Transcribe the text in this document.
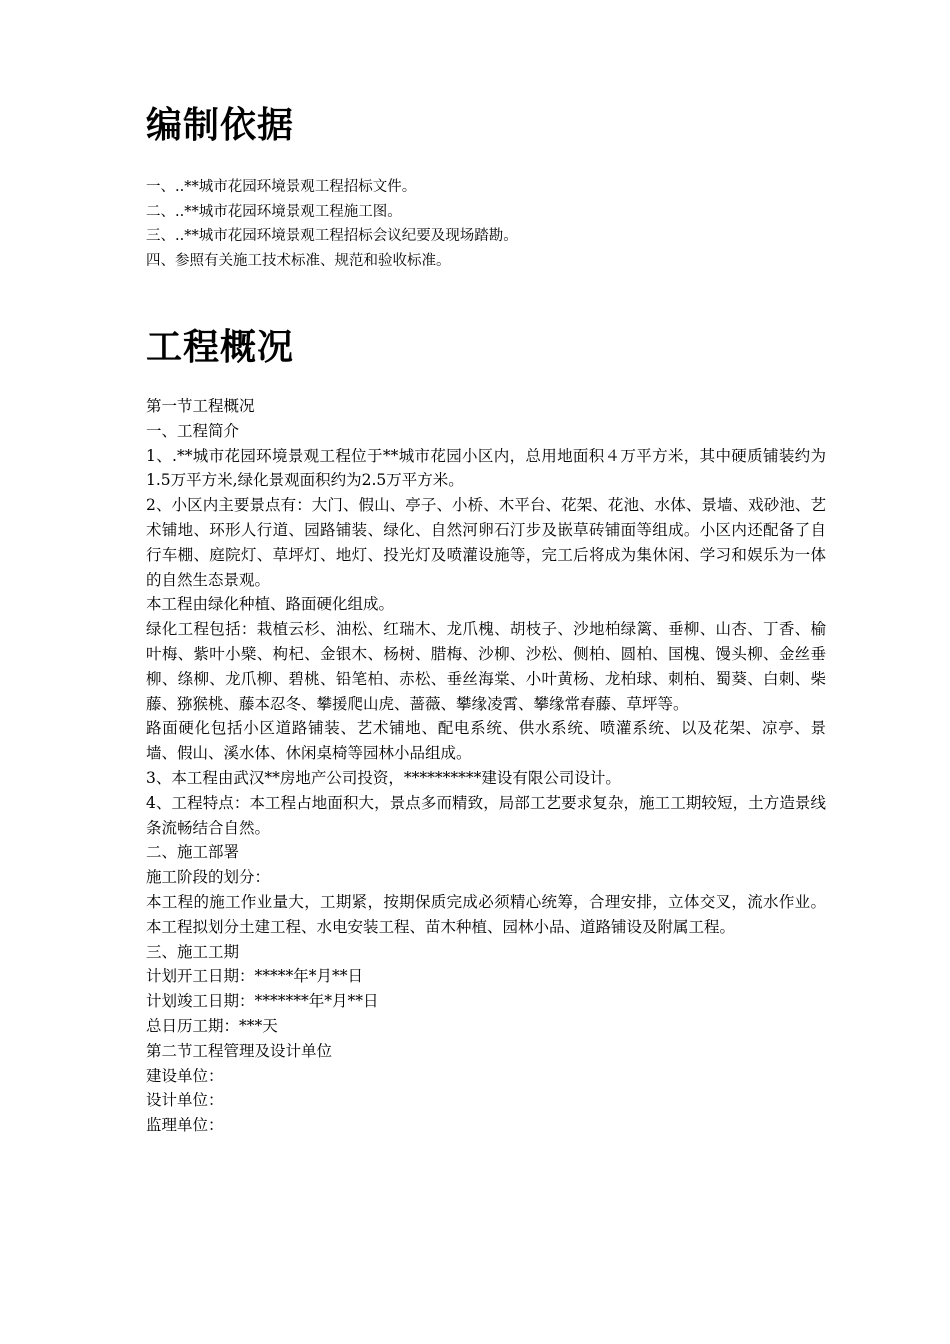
编制依据
一、..**城市花园环境景观工程招标文件。
二、..**城市花园环境景观工程施工图。
三、..**城市花园环境景观工程招标会议纪要及现场踏勘。
四、参照有关施工技术标准、规范和验收标准。
工程概况

第一节工程概况

一、工程简介

1、.**城市花园环境景观工程位于**城市花园小区内，总用地面积４万平方米，其中硬质铺装约为1.5万平方米,绿化景观面积约为2.5万平方米。

2、小区内主要景点有：大门、假山、亭子、小桥、木平台、花架、花池、水体、景墙、戏砂池、艺术铺地、环形人行道、园路铺装、绿化、自然河卵石汀步及嵌草砖铺面等组成。小区内还配备了自行车棚、庭院灯、草坪灯、地灯、投光灯及喷灌设施等，完工后将成为集休闲、学习和娱乐为一体的自然生态景观。

本工程由绿化种植、路面硬化组成。

绿化工程包括：栽植云杉、油松、红瑞木、龙爪槐、胡枝子、沙地柏绿篱、垂柳、山杏、丁香、榆叶梅、紫叶小檗、枸杞、金银木、杨树、腊梅、沙柳、沙松、侧柏、圆柏、国槐、馒头柳、金丝垂柳、绦柳、龙爪柳、碧桃、铅笔柏、赤松、垂丝海棠、小叶黄杨、龙柏球、刺柏、蜀葵、白刺、柴藤、猕猴桃、藤本忍冬、攀援爬山虎、蔷薇、攀缘凌霄、攀缘常春藤、草坪等。

路面硬化包括小区道路铺装、艺术铺地、配电系统、供水系统、喷灌系统、以及花架、凉亭、景墙、假山、溪水体、休闲桌椅等园林小品组成。

3、本工程由武汉**房地产公司投资，**********建设有限公司设计。

4、工程特点：本工程占地面积大，景点多而精致，局部工艺要求复杂，施工工期较短，土方造景线条流畅结合自然。

二、施工部署

施工阶段的划分：

本工程的施工作业量大，工期紧，按期保质完成必须精心统筹，合理安排，立体交叉，流水作业。本工程拟划分土建工程、水电安装工程、苗木种植、园林小品、道路铺设及附属工程。

三、施工工期

计划开工日期：*****年*月**日

计划竣工日期：*******年*月**日

总日历工期：***天

第二节工程管理及设计单位

建设单位：

设计单位：

监理单位：
